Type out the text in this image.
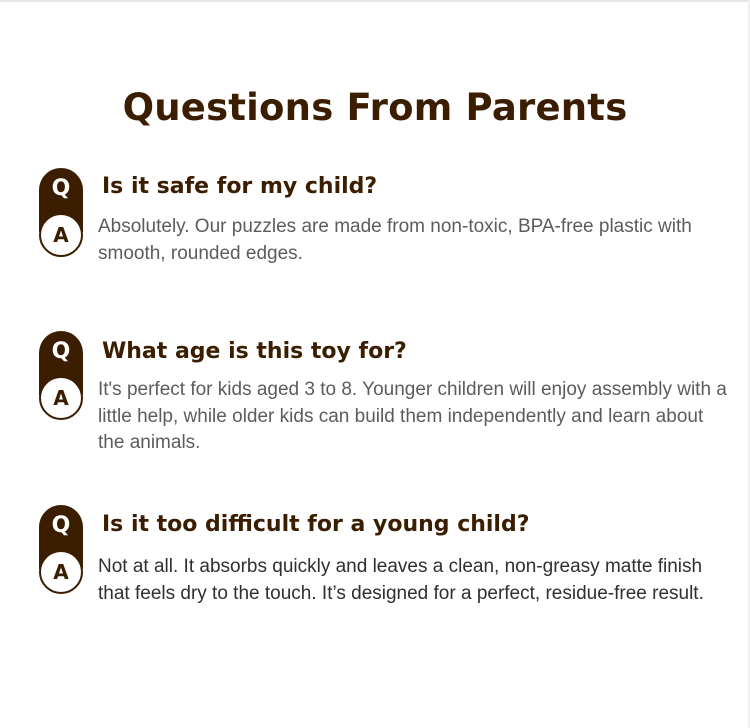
Questions From Parents
Q
A
Is it safe for my child?
Absolutely. Our puzzles are made from non-toxic, BPA-free plastic with smooth, rounded edges.
Q
A
What age is this toy for?
It's perfect for kids aged 3 to 8. Younger children will enjoy assembly with a little help, while older kids can build them independently and learn about the animals.
Q
A
Is it too difficult for a young child?
Not at all. It absorbs quickly and leaves a clean, non-greasy matte finish that feels dry to the touch. It’s designed for a perfect, residue-free result.
